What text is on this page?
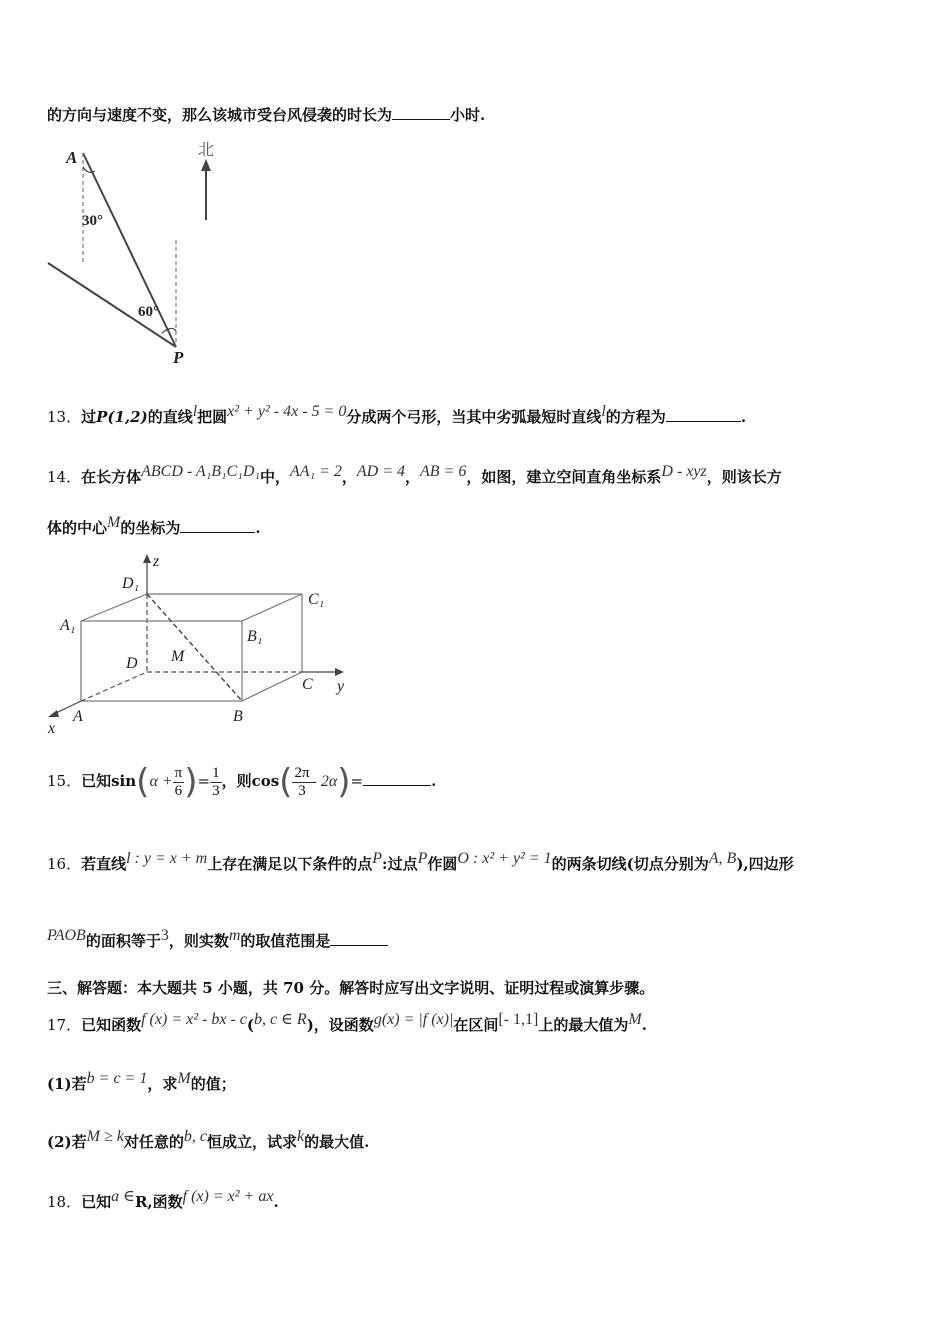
的方向与速度不变，那么该城市受台风侵袭的时长为	小时.
A
P
30°
60°
北
13．过P(1,2)的直线l把圆x² + y² - 4x - 5 = 0分成两个弓形，当其中劣弧最短时直线l的方程为	.
14．在长方体ABCD - A₁B₁C₁D₁中，AA₁ = 2，AD = 4，AB = 6，如图，建立空间直角坐标系D - xyz，则该长方
体的中心M的坐标为	.
z
y
x
D₁
C₁
A₁
B₁
D M
C
A	B
15．已知$\sin(\alpha + \frac{\pi}{6}$ )= $\frac{1}{3}$ ，则$\cos( \frac{2\pi}{3} - 2\alpha)=$	.
16．若直线l : y = x + m上存在满足以下条件的点P:过点P作圆O : x² + y² = 1的两条切线(切点分别为A, B),四边形
PAOB的面积等于3，则实数m的取值范围是
三、解答题：本大题共 5 小题，共 70 分。解答时应写出文字说明、证明过程或演算步骤。
17．已知函数f (x) = x² - bx - c(b, c ∈ R)，设函数g(x) = |f (x)|在区间[- 1,1]上的最大值为M.
(1)若b = c = 1，求M的值；
(2)若M ≥ k对任意的b, c恒成立，试求k的最大值.
18．已知a ∈R,函数f (x) = x² + ax.
